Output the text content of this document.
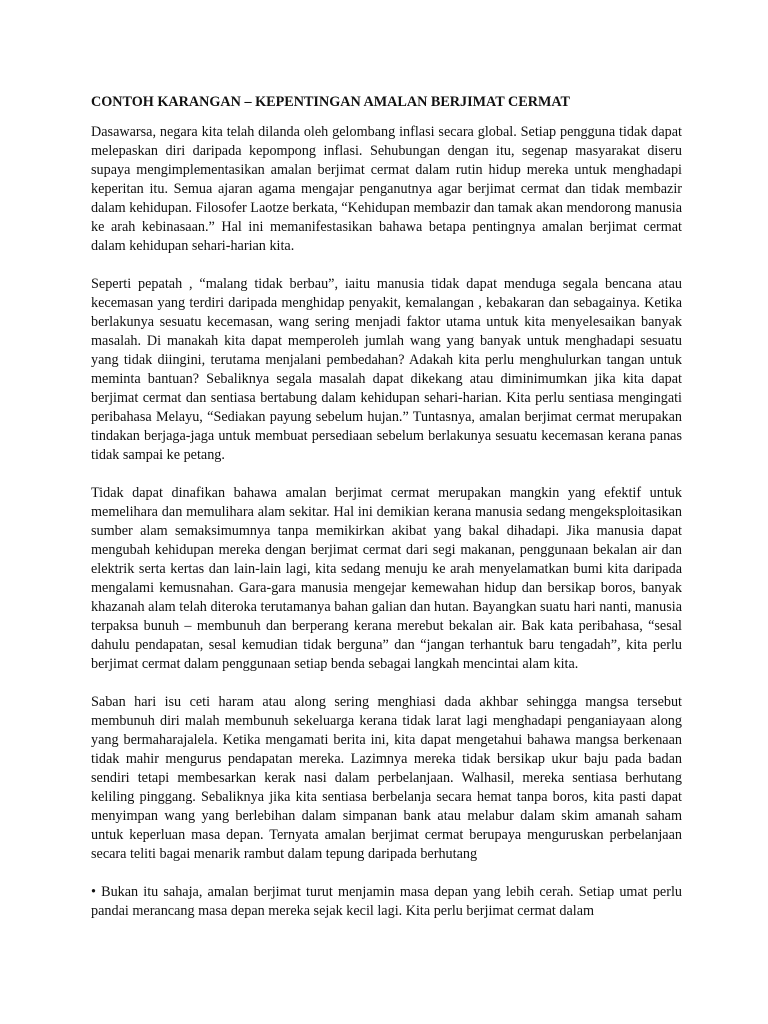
CONTOH KARANGAN – KEPENTINGAN AMALAN BERJIMAT CERMAT

Dasawarsa, negara kita telah dilanda oleh gelombang inflasi secara global. Setiap pengguna tidak dapat melepaskan diri daripada kepompong inflasi. Sehubungan dengan itu, segenap masyarakat diseru supaya mengimplementasikan amalan berjimat cermat dalam rutin hidup mereka untuk menghadapi keperitan itu. Semua ajaran agama mengajar penganutnya agar berjimat cermat dan tidak membazir dalam kehidupan. Filosofer Laotze berkata, “Kehidupan membazir dan tamak akan mendorong manusia ke arah kebinasaan.” Hal ini memanifestasikan bahawa betapa pentingnya amalan berjimat cermat dalam kehidupan sehari-harian kita.

Seperti pepatah , “malang tidak berbau”, iaitu manusia tidak dapat menduga segala bencana atau kecemasan yang terdiri daripada menghidap penyakit, kemalangan , kebakaran dan sebagainya. Ketika berlakunya sesuatu kecemasan, wang sering menjadi faktor utama untuk kita menyelesaikan banyak masalah. Di manakah kita dapat memperoleh jumlah wang yang banyak untuk menghadapi sesuatu yang tidak diingini, terutama menjalani pembedahan? Adakah kita perlu menghulurkan tangan untuk meminta bantuan? Sebaliknya segala masalah dapat dikekang atau diminimumkan jika kita dapat berjimat cermat dan sentiasa bertabung dalam kehidupan sehari-harian. Kita perlu sentiasa mengingati peribahasa Melayu, “Sediakan payung sebelum hujan.” Tuntasnya, amalan berjimat cermat merupakan tindakan berjaga-jaga untuk membuat persediaan sebelum berlakunya sesuatu kecemasan kerana panas tidak sampai ke petang.

Tidak dapat dinafikan bahawa amalan berjimat cermat merupakan mangkin yang efektif untuk memelihara dan memulihara alam sekitar. Hal ini demikian kerana manusia sedang mengeksploitasikan sumber alam semaksimumnya tanpa memikirkan akibat yang bakal dihadapi. Jika manusia dapat mengubah kehidupan mereka dengan berjimat cermat dari segi makanan, penggunaan bekalan air dan elektrik serta kertas dan lain-lain lagi, kita sedang menuju ke arah menyelamatkan bumi kita daripada mengalami kemusnahan. Gara-gara manusia mengejar kemewahan hidup dan bersikap boros, banyak khazanah alam telah diteroka terutamanya bahan galian dan hutan. Bayangkan suatu hari nanti, manusia terpaksa bunuh – membunuh dan berperang kerana merebut bekalan air. Bak kata peribahasa, “sesal dahulu pendapatan, sesal kemudian tidak berguna” dan “jangan terhantuk baru tengadah”, kita perlu berjimat cermat dalam penggunaan setiap benda sebagai langkah mencintai alam kita.

Saban hari isu ceti haram atau along sering menghiasi dada akhbar sehingga mangsa tersebut membunuh diri malah membunuh sekeluarga kerana tidak larat lagi menghadapi penganiayaan along yang bermaharajalela. Ketika mengamati berita ini, kita dapat mengetahui bahawa mangsa berkenaan tidak mahir mengurus pendapatan mereka. Lazimnya mereka tidak bersikap ukur baju pada badan sendiri tetapi membesarkan kerak nasi dalam perbelanjaan. Walhasil, mereka sentiasa berhutang keliling pinggang. Sebaliknya jika kita sentiasa berbelanja secara hemat tanpa boros, kita pasti dapat menyimpan wang yang berlebihan dalam simpanan bank atau melabur dalam skim amanah saham untuk keperluan masa depan. Ternyata amalan berjimat cermat berupaya menguruskan perbelanjaan secara teliti bagai menarik rambut dalam tepung daripada berhutang

• Bukan itu sahaja, amalan berjimat turut menjamin masa depan yang lebih cerah. Setiap umat perlu pandai merancang masa depan mereka sejak kecil lagi. Kita perlu berjimat cermat dalam
